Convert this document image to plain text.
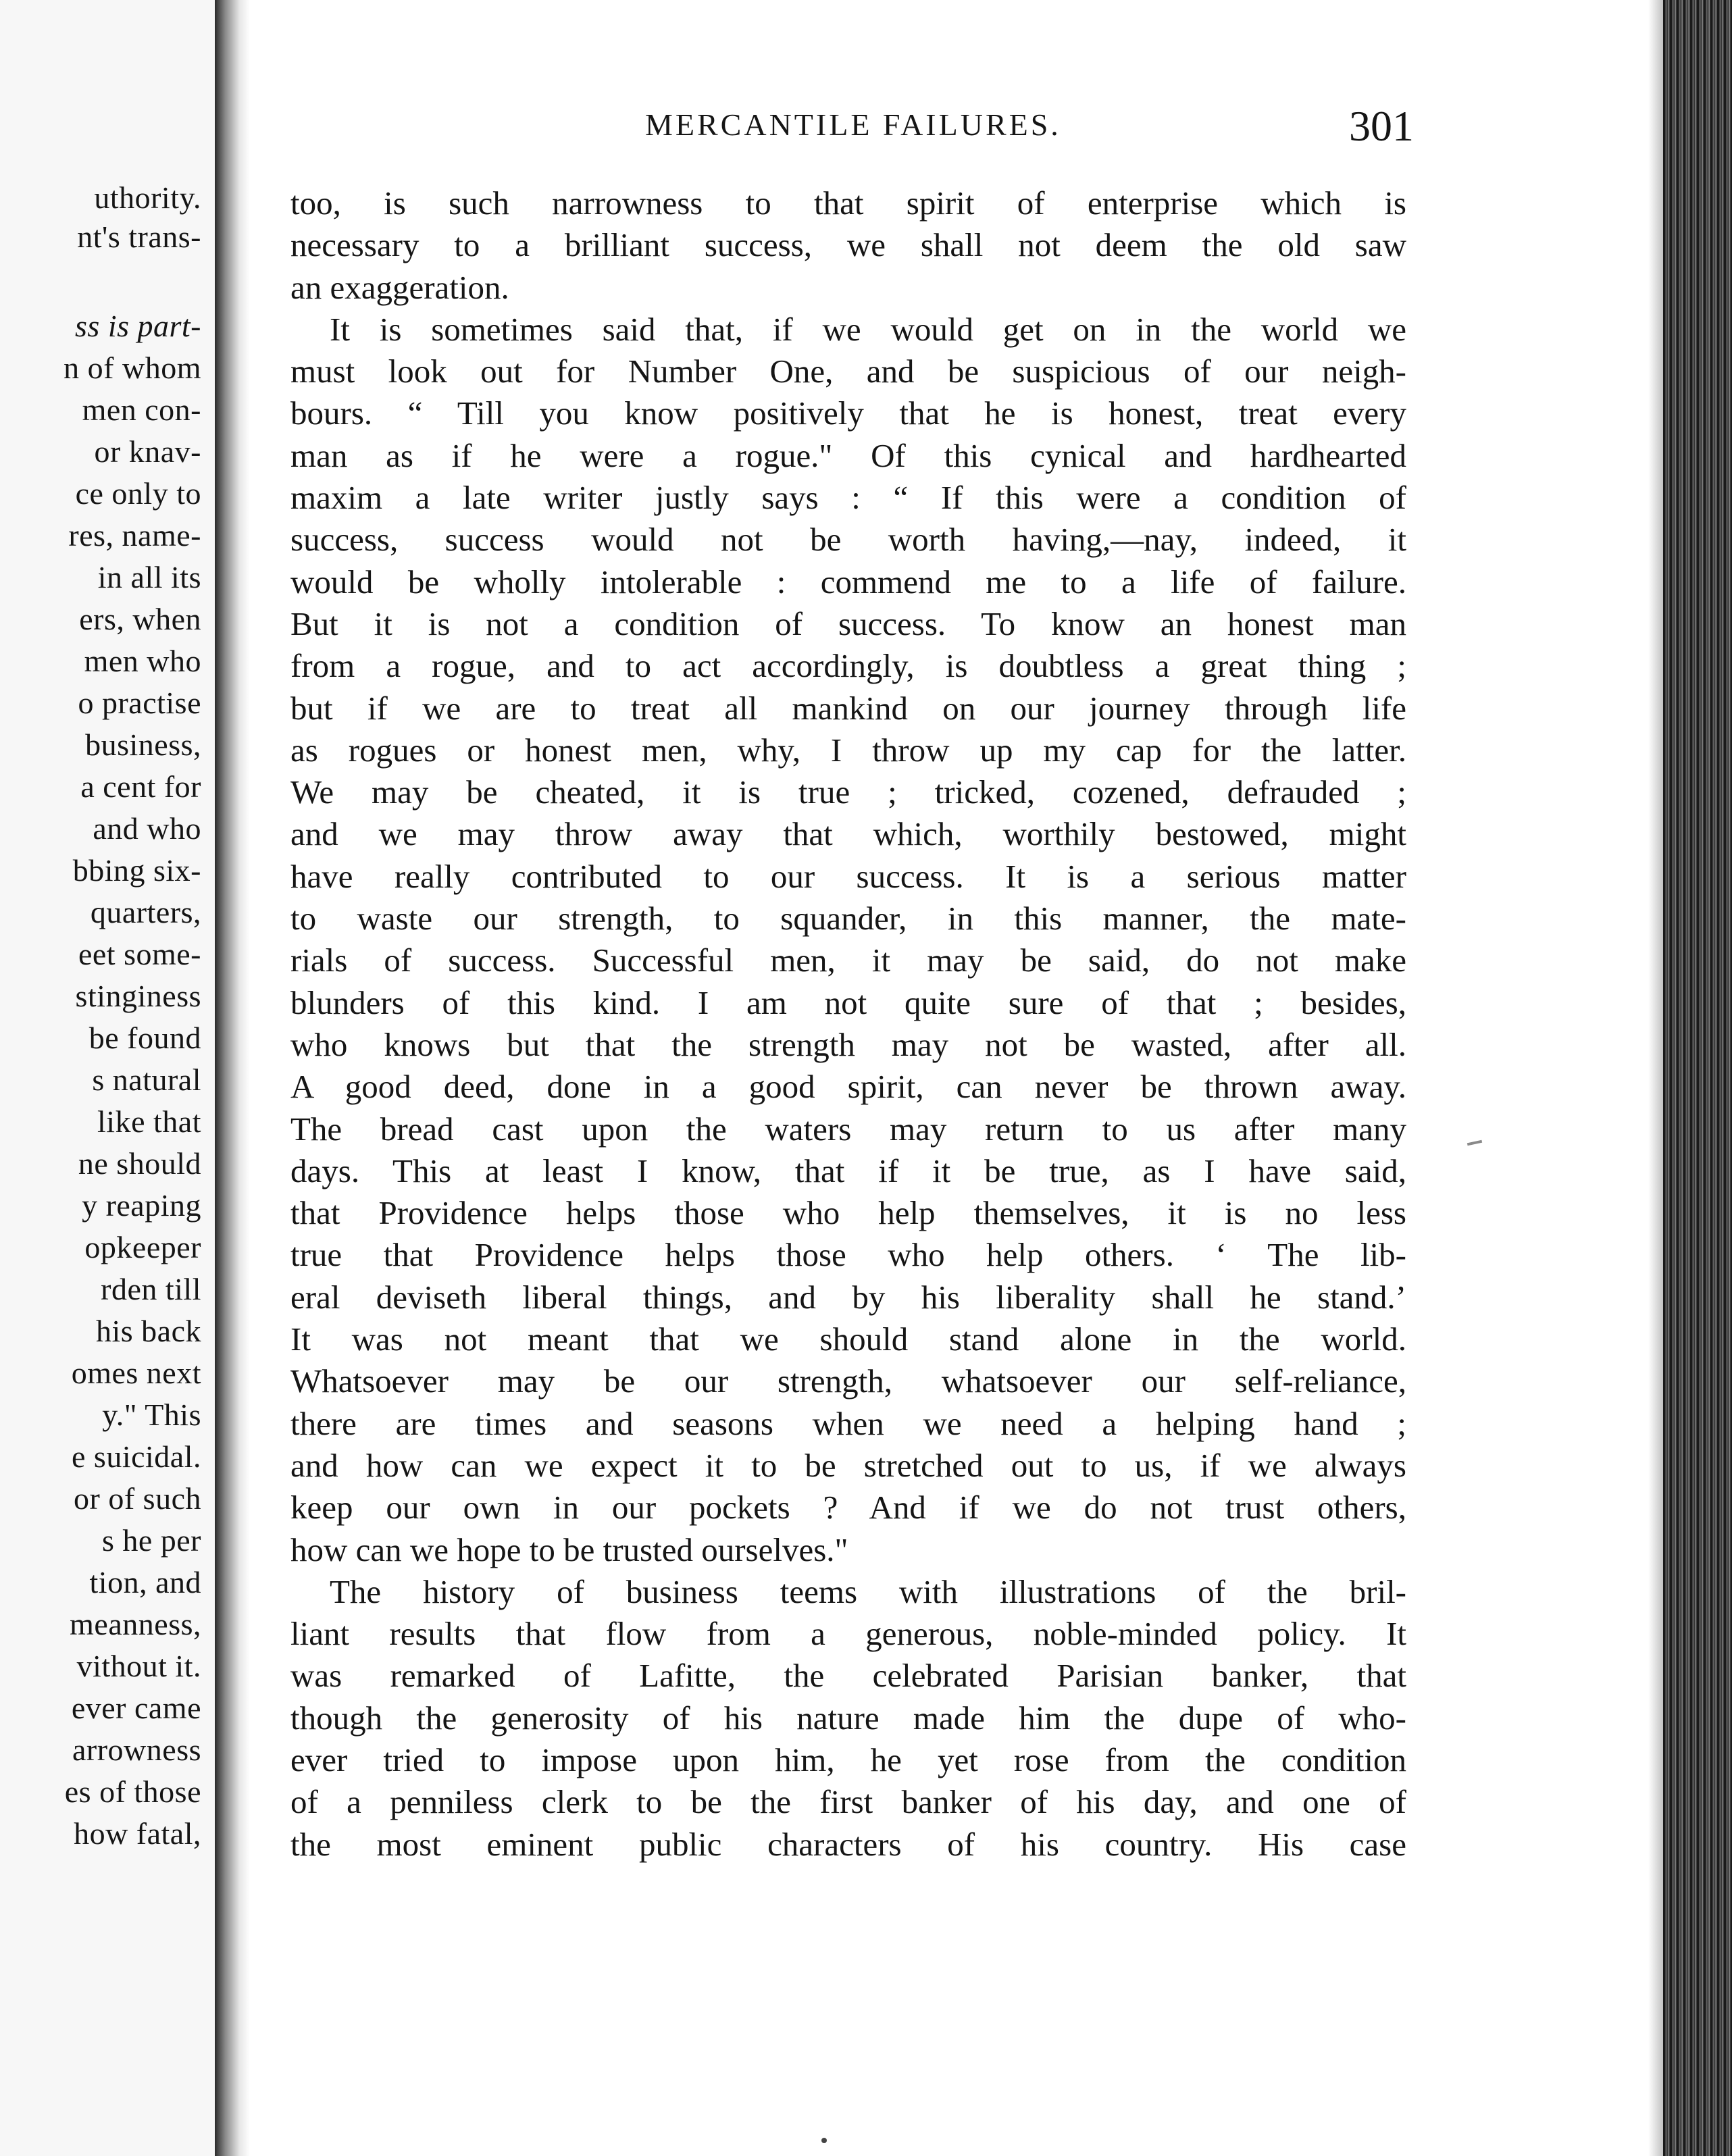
uthority.
nt's trans-
ss is part-
n of whom
men con-
or knav-
ce only to
res, name-
in all its
ers, when
men who
o practise
business,
a cent for
and who
bbing six-
quarters,
eet some-
stinginess
be found
s natural
like that
ne should
y reaping
opkeeper
rden till
his back
omes next
y." This
e suicidal.
or of such
s he per
tion, and
meanness,
vithout it.
ever came
arrowness
es of those
how fatal,
MERCANTILE FAILURES.	301
too, is such narrowness to that spirit of enterprise which is
necessary to a brilliant success, we shall not deem the old saw
an exaggeration.
It is sometimes said that, if we would get on in the world we
must look out for Number One, and be suspicious of our neigh-
bours. “ Till you know positively that he is honest, treat every
man as if he were a rogue." Of this cynical and hardhearted
maxim a late writer justly says : “ If this were a condition of
success, success would not be worth having,—nay, indeed, it
would be wholly intolerable : commend me to a life of failure.
But it is not a condition of success. To know an honest man
from a rogue, and to act accordingly, is doubtless a great thing ;
but if we are to treat all mankind on our journey through life
as rogues or honest men, why, I throw up my cap for the latter.
We may be cheated, it is true ; tricked, cozened, defrauded ;
and we may throw away that which, worthily bestowed, might
have really contributed to our success. It is a serious matter
to waste our strength, to squander, in this manner, the mate-
rials of success. Successful men, it may be said, do not make
blunders of this kind. I am not quite sure of that ; besides,
who knows but that the strength may not be wasted, after all.
A good deed, done in a good spirit, can never be thrown away.
The bread cast upon the waters may return to us after many
days. This at least I know, that if it be true, as I have said,
that Providence helps those who help themselves, it is no less
true that Providence helps those who help others. ‘ The lib-
eral deviseth liberal things, and by his liberality shall he stand.’
It was not meant that we should stand alone in the world.
Whatsoever may be our strength, whatsoever our self-reliance,
there are times and seasons when we need a helping hand ;
and how can we expect it to be stretched out to us, if we always
keep our own in our pockets ? And if we do not trust others,
how can we hope to be trusted ourselves."
The history of business teems with illustrations of the bril-
liant results that flow from a generous, noble-minded policy. It
was remarked of Lafitte, the celebrated Parisian banker, that
though the generosity of his nature made him the dupe of who-
ever tried to impose upon him, he yet rose from the condition
of a penniless clerk to be the first banker of his day, and one of
the most eminent public characters of his country. His case
